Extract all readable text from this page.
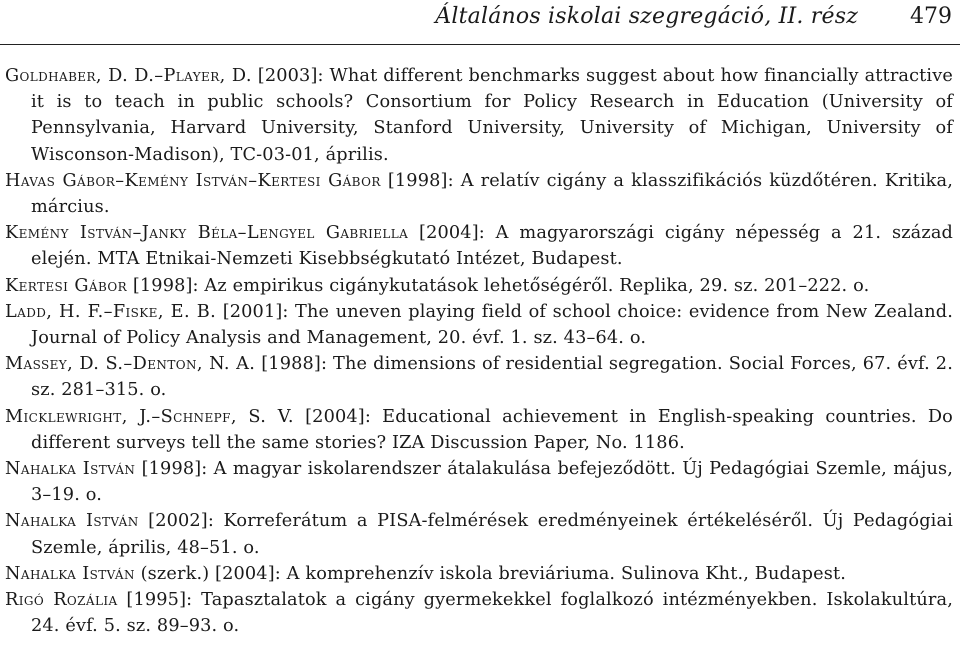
Általános iskolai szegregáció, II. rész 479

Goldhaber, D. D.–Player, D. [2003]: What different benchmarks suggest about how financially attractive it is to teach in public schools? Consortium for Policy Research in Education (University of Pennsylvania, Harvard University, Stanford University, University of Michigan, University of Wisconson-Madison), TC-03-01, április.

Havas Gábor–Kemény István–Kertesi Gábor [1998]: A relatív cigány a klasszifikációs küzdőtéren. Kritika, március.

Kemény István–Janky Béla–Lengyel Gabriella [2004]: A magyarországi cigány népesség a 21. század elején. MTA Etnikai-Nemzeti Kisebbségkutató Intézet, Budapest.

Kertesi Gábor [1998]: Az empirikus cigánykutatások lehetőségéről. Replika, 29. sz. 201–222. o.

Ladd, H. F.–Fiske, E. B. [2001]: The uneven playing field of school choice: evidence from New Zealand. Journal of Policy Analysis and Management, 20. évf. 1. sz. 43–64. o.

Massey, D. S.–Denton, N. A. [1988]: The dimensions of residential segregation. Social Forces, 67. évf. 2. sz. 281–315. o.

Micklewright, J.–Schnepf, S. V. [2004]: Educational achievement in English-speaking countries. Do different surveys tell the same stories? IZA Discussion Paper, No. 1186.

Nahalka István [1998]: A magyar iskolarendszer átalakulása befejeződött. Új Pedagógiai Szemle, május, 3–19. o.

Nahalka István [2002]: Korreferátum a PISA-felmérések eredményeinek értékeléséről. Új Pedagógiai Szemle, április, 48–51. o.

Nahalka István (szerk.) [2004]: A komprehenzív iskola breviáriuma. Sulinova Kht., Budapest.

Rigó Rozália [1995]: Tapasztalatok a cigány gyermekekkel foglalkozó intézményekben. Iskolakultúra, 24. évf. 5. sz. 89–93. o.
